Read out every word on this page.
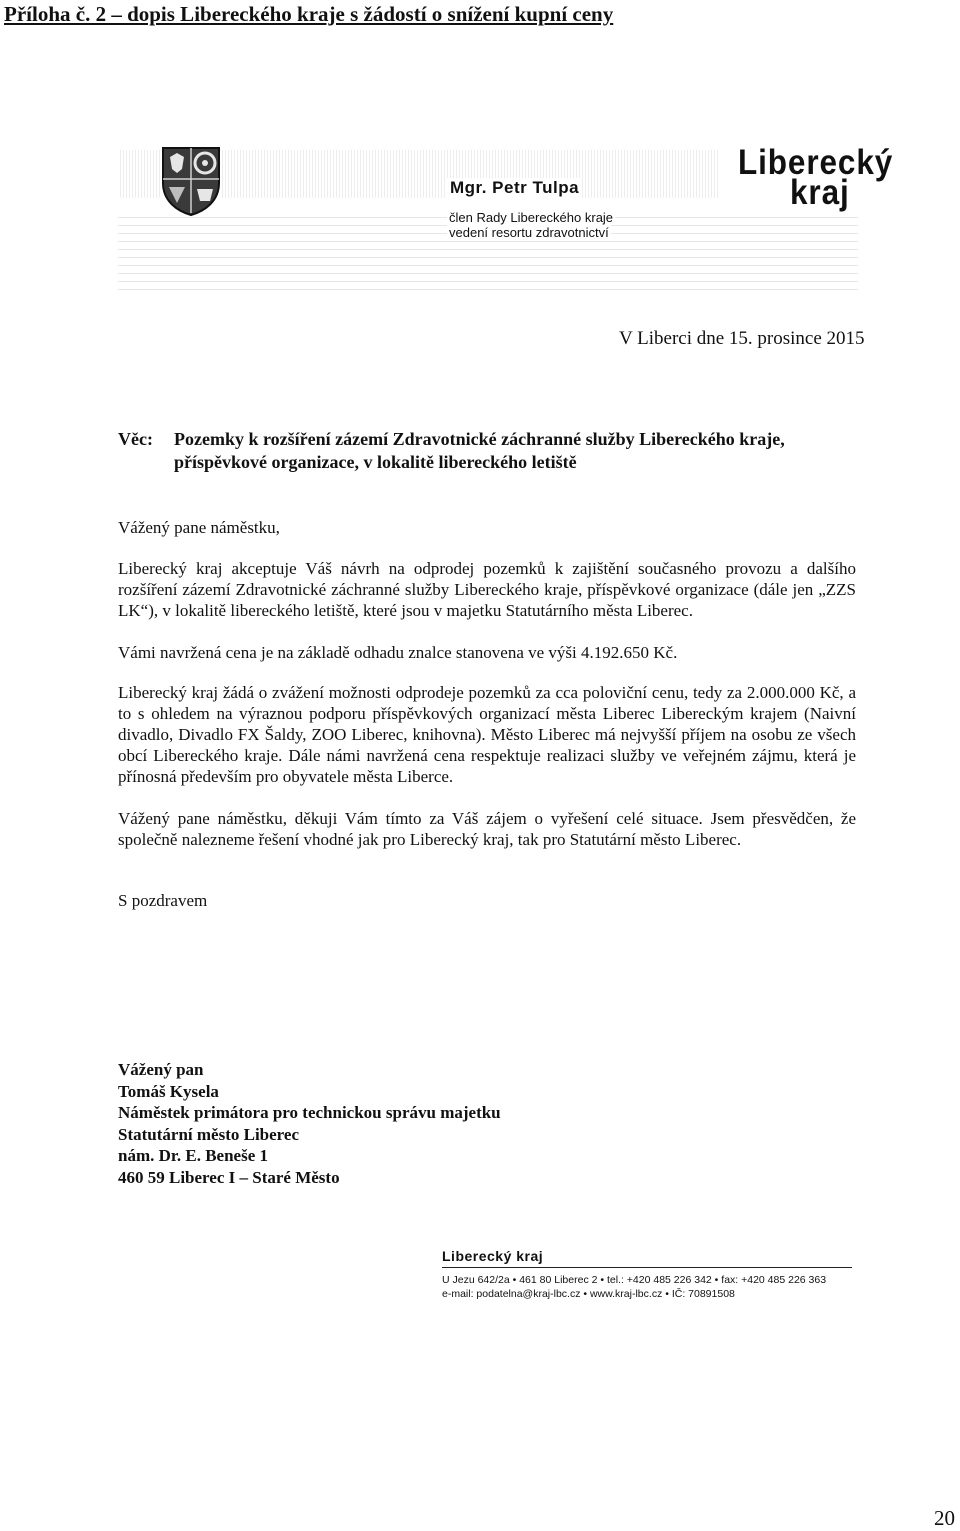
Příloha č. 2 – dopis Libereckého kraje s žádostí o snížení kupní ceny
Mgr. Petr Tulpa
člen Rady Libereckého kraje
vedení resortu zdravotnictví
Liberecký
kraj
V Liberci dne 15. prosince 2015
Věc: Pozemky k rozšíření zázemí Zdravotnické záchranné služby Libereckého kraje, příspěvkové organizace, v lokalitě libereckého letiště
Vážený pane náměstku,
Liberecký kraj akceptuje Váš návrh na odprodej pozemků k zajištění současného provozu a dalšího rozšíření zázemí Zdravotnické záchranné služby Libereckého kraje, příspěvkové organizace (dále jen „ZZS LK“), v lokalitě libereckého letiště, které jsou v majetku Statutárního města Liberec.
Vámi navržená cena je na základě odhadu znalce stanovena ve výši 4.192.650 Kč.
Liberecký kraj žádá o zvážení možnosti odprodeje pozemků za cca poloviční cenu, tedy za 2.000.000 Kč, a to s ohledem na výraznou podporu příspěvkových organizací města Liberec Libereckým krajem (Naivní divadlo, Divadlo FX Šaldy, ZOO Liberec, knihovna). Město Liberec má nejvyšší příjem na osobu ze všech obcí Libereckého kraje. Dále námi navržená cena respektuje realizaci služby ve veřejném zájmu, která je přínosná především pro obyvatele města Liberce.
Vážený pane náměstku, děkuji Vám tímto za Váš zájem o vyřešení celé situace. Jsem přesvědčen, že společně nalezneme řešení vhodné jak pro Liberecký kraj, tak pro Statutární město Liberec.
S pozdravem
Vážený pan
Tomáš Kysela
Náměstek primátora pro technickou správu majetku
Statutární město Liberec
nám. Dr. E. Beneše 1
460 59 Liberec I – Staré Město
Liberecký kraj
U Jezu 642/2a • 461 80 Liberec 2 • tel.: +420 485 226 342 • fax: +420 485 226 363
e-mail: podatelna@kraj-lbc.cz • www.kraj-lbc.cz • IČ: 70891508
20
